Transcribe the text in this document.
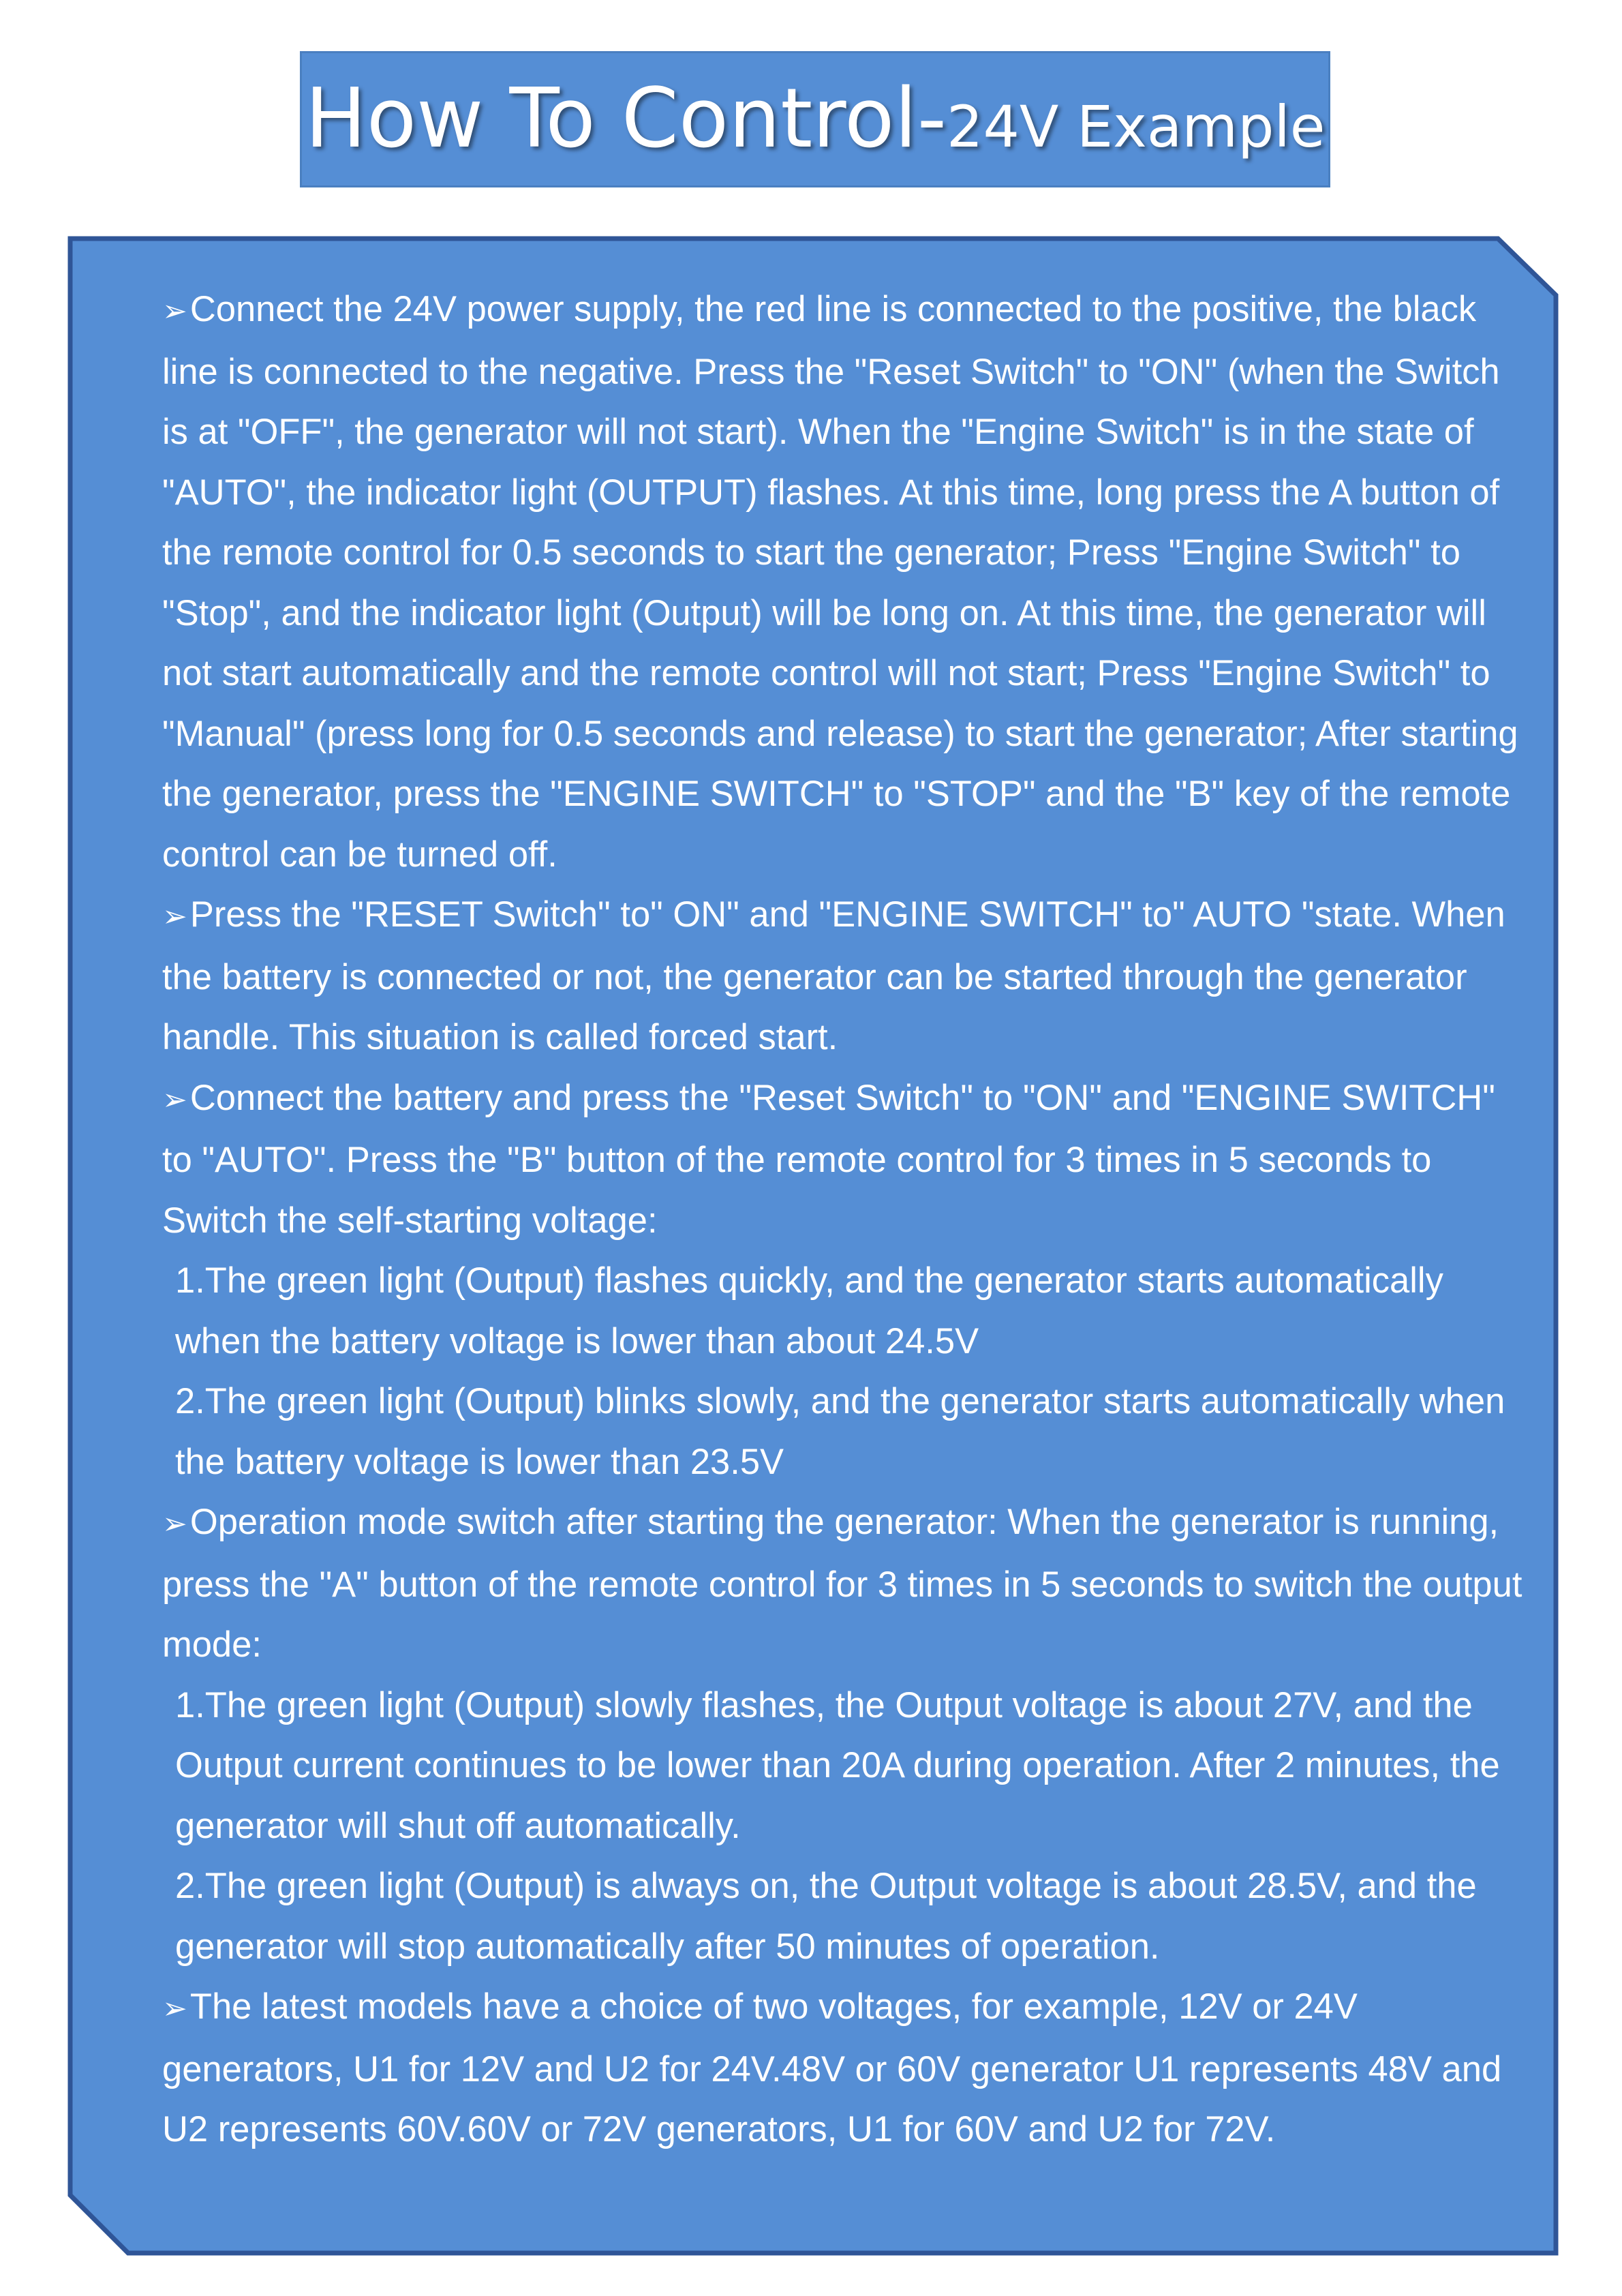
How To Control-24V Example

➢Connect the 24V power supply, the red line is connected to the positive, the black line is connected to the negative. Press the "Reset Switch" to "ON" (when the Switch is at "OFF", the generator will not start). When the "Engine Switch" is in the state of "AUTO", the indicator light (OUTPUT) flashes. At this time, long press the A button of the remote control for 0.5 seconds to start the generator; Press "Engine Switch" to "Stop", and the indicator light (Output) will be long on. At this time, the generator will not start automatically and the remote control will not start; Press "Engine Switch" to "Manual" (press long for 0.5 seconds and release) to start the generator; After starting the generator, press the "ENGINE SWITCH" to "STOP" and the "B" key of the remote control can be turned off.

➢Press the "RESET Switch" to" ON" and "ENGINE SWITCH" to" AUTO "state. When the battery is connected or not, the generator can be started through the generator handle. This situation is called forced start.

➢Connect the battery and press the "Reset Switch" to "ON" and "ENGINE SWITCH" to "AUTO". Press the "B" button of the remote control for 3 times in 5 seconds to Switch the self-starting voltage:

1.The green light (Output) flashes quickly, and the generator starts automatically when the battery voltage is lower than about 24.5V

2.The green light (Output) blinks slowly, and the generator starts automatically when the battery voltage is lower than 23.5V

➢Operation mode switch after starting the generator: When the generator is running, press the "A" button of the remote control for 3 times in 5 seconds to switch the output mode:

1.The green light (Output) slowly flashes, the Output voltage is about 27V, and the Output current continues to be lower than 20A during operation. After 2 minutes, the generator will shut off automatically.

2.The green light (Output) is always on, the Output voltage is about 28.5V, and the generator will stop automatically after 50 minutes of operation.

➢The latest models have a choice of two voltages, for example, 12V or 24V generators, U1 for 12V and U2 for 24V.48V or 60V generator U1 represents 48V and U2 represents 60V.60V or 72V generators, U1 for 60V and U2 for 72V.
